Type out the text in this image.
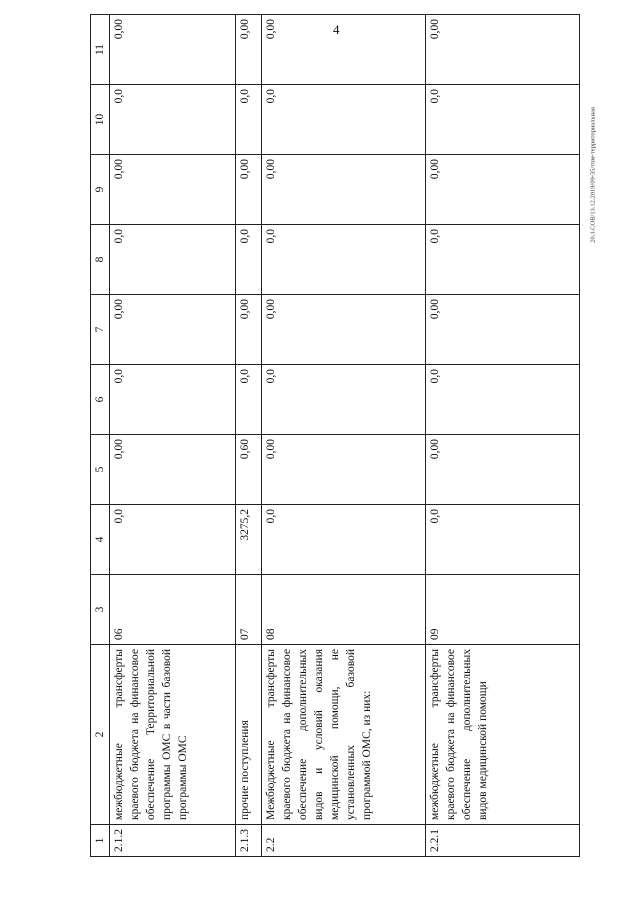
4
20.3.СОВ/13.12.2019/09-35/тпм-территориальная
1	2	3	4	5	6	7	8	9	10	11
2.1.2	межбюджетные трансферты краевого бюджета на финансовое обеспечение Территориальной программы ОМС в части базовой программы ОМС	06	0,0	0,00	0,0	0,00	0,0	0,00	0,0	0,00
2.1.3	прочие поступления	07	3275,2	0,60	0,0	0,00	0,0	0,00	0,0	0,00
2.2	Межбюджетные трансферты краевого бюджета на финансовое обеспечение дополнительных видов и условий оказания медицинской помощи, не установленных базовой программой ОМС, из них:	08	0,0	0,00	0,0	0,00	0,0	0,00	0,0	0,00
2.2.1	межбюджетные трансферты краевого бюджета на финансовое обеспечение дополнительных видов медицинской помощи	09	0,0	0,00	0,0	0,00	0,0	0,00	0,0	0,00
